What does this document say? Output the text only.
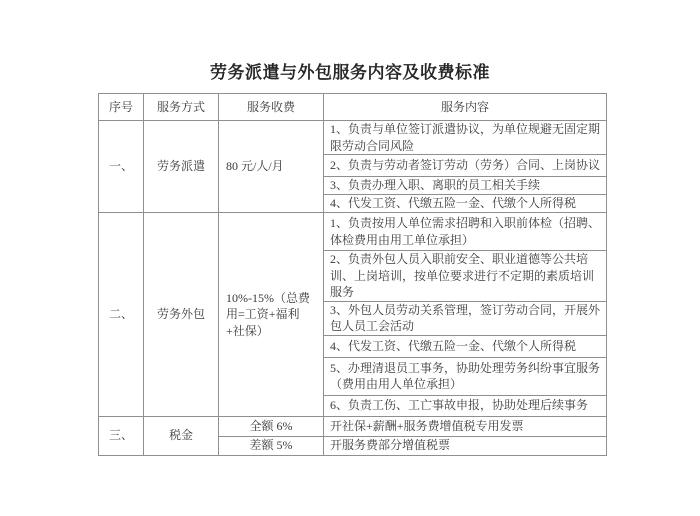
劳务派遣与外包服务内容及收费标准
序号	服务方式	服务收费	服务内容
一、	劳务派遣	80 元/人/月	1、负责与单位签订派遣协议，为单位规避无固定期限劳动合同风险
			2、负责与劳动者签订劳动（劳务）合同、上岗协议
			3、负责办理入职、离职的员工相关手续
			4、代发工资、代缴五险一金、代缴个人所得税
二、	劳务外包	10%-15%（总费用=工资+福利+社保）	1、负责按用人单位需求招聘和入职前体检（招聘、体检费用由用工单位承担）
			2、负责外包人员入职前安全、职业道德等公共培训、上岗培训，按单位要求进行不定期的素质培训服务
			3、外包人员劳动关系管理，签订劳动合同，开展外包人员工会活动
			4、代发工资、代缴五险一金、代缴个人所得税
			5、办理清退员工事务，协助处理劳务纠纷事宜服务（费用由用人单位承担）
			6、负责工伤、工亡事故申报，协助处理后续事务
三、	税金	全额 6%	开社保+薪酬+服务费增值税专用发票
		差额 5%	开服务费部分增值税票
